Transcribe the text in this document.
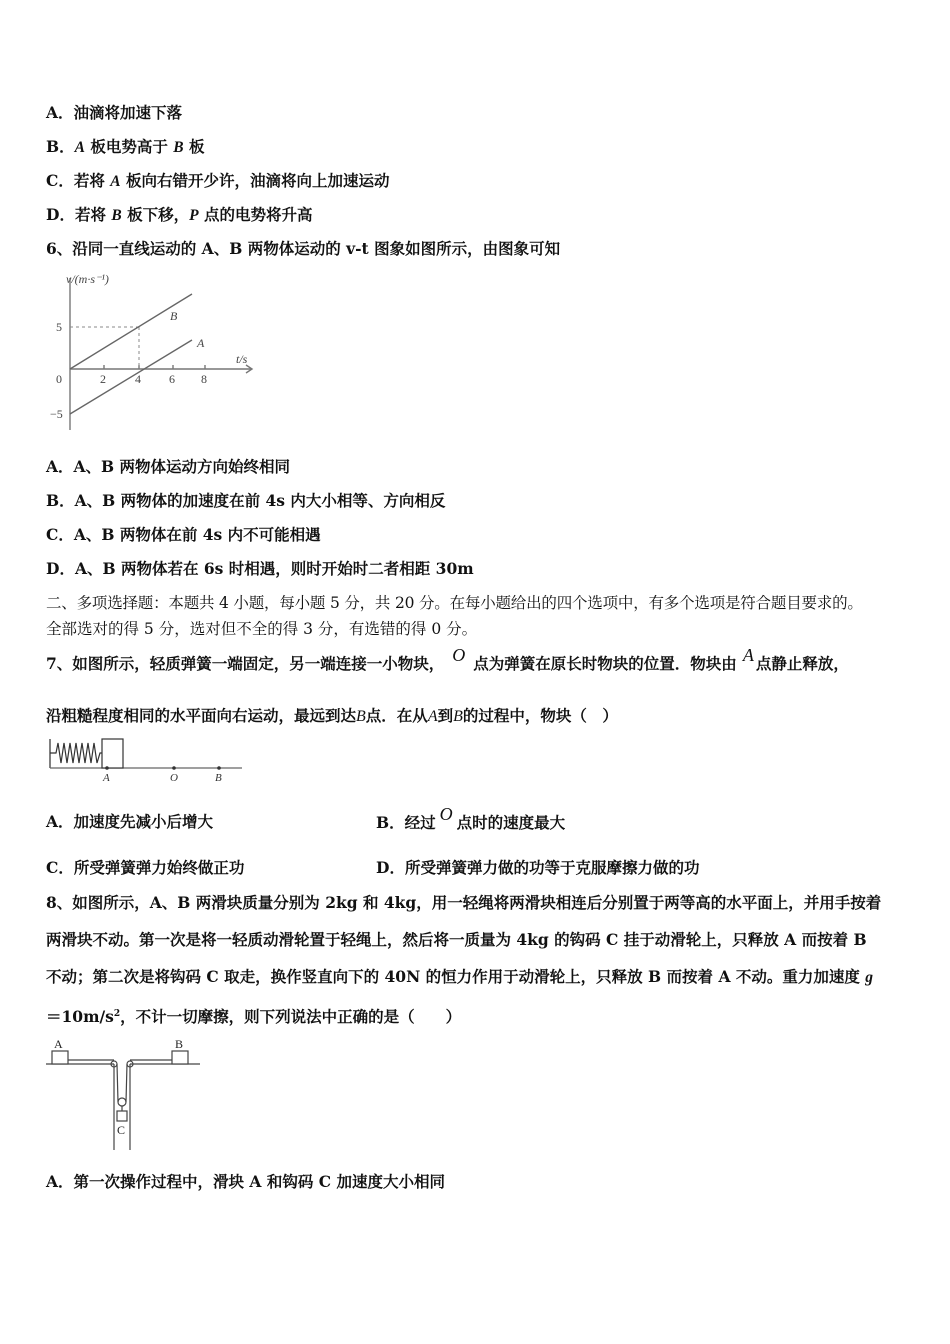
A．油滴将加速下落
B．A 板电势高于 B 板
C．若将 A 板向右错开少许，油滴将向上加速运动
D．若将 B 板下移，P 点的电势将升高
6、沿同一直线运动的 A、B 两物体运动的 v-t 图象如图所示，由图象可知
v/(m·s⁻¹)
t/s
0
5
−5
2 4 6 8
B
A
A．A、B 两物体运动方向始终相同
B．A、B 两物体的加速度在前 4s 内大小相等、方向相反
C．A、B 两物体在前 4s 内不可能相遇
D．A、B 两物体若在 6s 时相遇，则时开始时二者相距 30m
二、多项选择题：本题共 4 小题，每小题 5 分，共 20 分。在每小题给出的四个选项中，有多个选项是符合题目要求的。
全部选对的得 5 分，选对但不全的得 3 分，有选错的得 0 分。
7、如图所示，轻质弹簧一端固定，另一端连接一小物块， O 点为弹簧在原长时物块的位置．物块由 A 点静止释放，
沿粗糙程度相同的水平面向右运动，最远到达B点．在从A到B的过程中，物块（　）
A	O	B
A．加速度先减小后增大	B．经过 O 点时的速度最大
C．所受弹簧弹力始终做正功	D．所受弹簧弹力做的功等于克服摩擦力做的功
8、如图所示，A、B 两滑块质量分别为 2kg 和 4kg，用一轻绳将两滑块相连后分别置于两等高的水平面上，并用手按着
两滑块不动。第一次是将一轻质动滑轮置于轻绳上，然后将一质量为 4kg 的钩码 C 挂于动滑轮上，只释放 A 而按着 B
不动；第二次是将钩码 C 取走，换作竖直向下的 40N 的恒力作用于动滑轮上，只释放 B 而按着 A 不动。重力加速度 g
$=10m/s^2$，不计一切摩擦，则下列说法中正确的是（　　）
A	B
C
A．第一次操作过程中，滑块 A 和钩码 C 加速度大小相同
